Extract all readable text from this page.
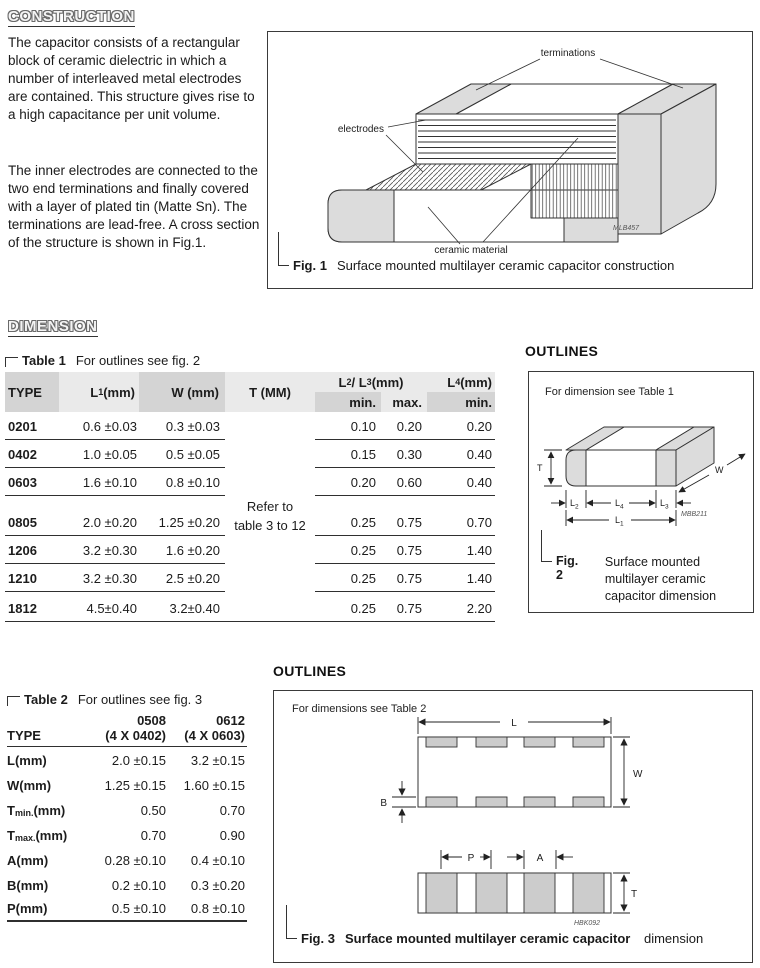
CONSTRUCTION

The capacitor consists of a rectangular block of ceramic dielectric in which a number of interleaved metal electrodes are contained. This structure gives rise to a high capacitance per unit volume.

The inner electrodes are connected to the two end terminations and finally covered with a layer of plated tin (Matte Sn). The terminations are lead-free. A cross section of the structure is shown in Fig.1.

terminations
electrodes
ceramic material
MLB457
Fig. 1 Surface mounted multilayer ceramic capacitor construction
DIMENSION
Table 1 For outlines see fig. 2
TYPE	L 1 (mm)	W (mm)	T (MM)
L 2 / L 3 (mm)	L 4 (mm)
min.	max.	min.
Refer to
table 3 to 12
0201	0.6 ±0.03	0.3 ±0.03	0.10	0.20	0.20
0402	1.0 ±0.05	0.5 ±0.05	0.15	0.30	0.40
0603	1.6 ±0.10	0.8 ±0.10	0.20	0.60	0.40
0805	2.0 ±0.20	1.25 ±0.20	0.25	0.75	0.70
1206	3.2 ±0.30	1.6 ±0.20	0.25	0.75	1.40
1210	3.2 ±0.30	2.5 ±0.20	0.25	0.75	1.40
1812	4.5±0.40	3.2±0.40	0.25	0.75	2.20
OUTLINES
For dimension see Table 1
T	W
$L_2$	$L_4$	$L_3$
$L_1$
MBB211
Fig. 2
Surface mounted multilayer ceramic capacitor dimension
OUTLINES
Table 2 For outlines see fig. 3
TYPE
0508
(4 X 0402)
0612
(4 X 0603)
L (mm)	2.0 ±0.15	3.2 ±0.15
W (mm)	1.25 ±0.15	1.60 ±0.15
T min. (mm)	0.50	0.70
T max. (mm)	0.70	0.90
A (mm)	0.28 ±0.10	0.4 ±0.10
B (mm)	0.2 ±0.10	0.3 ±0.20
P (mm)	0.5 ±0.10	0.8 ±0.10
For dimensions see Table 2
L
W
B
P	A
T
HBK092
Fig. 3 Surface mounted multilayer ceramic capacitor dimension
